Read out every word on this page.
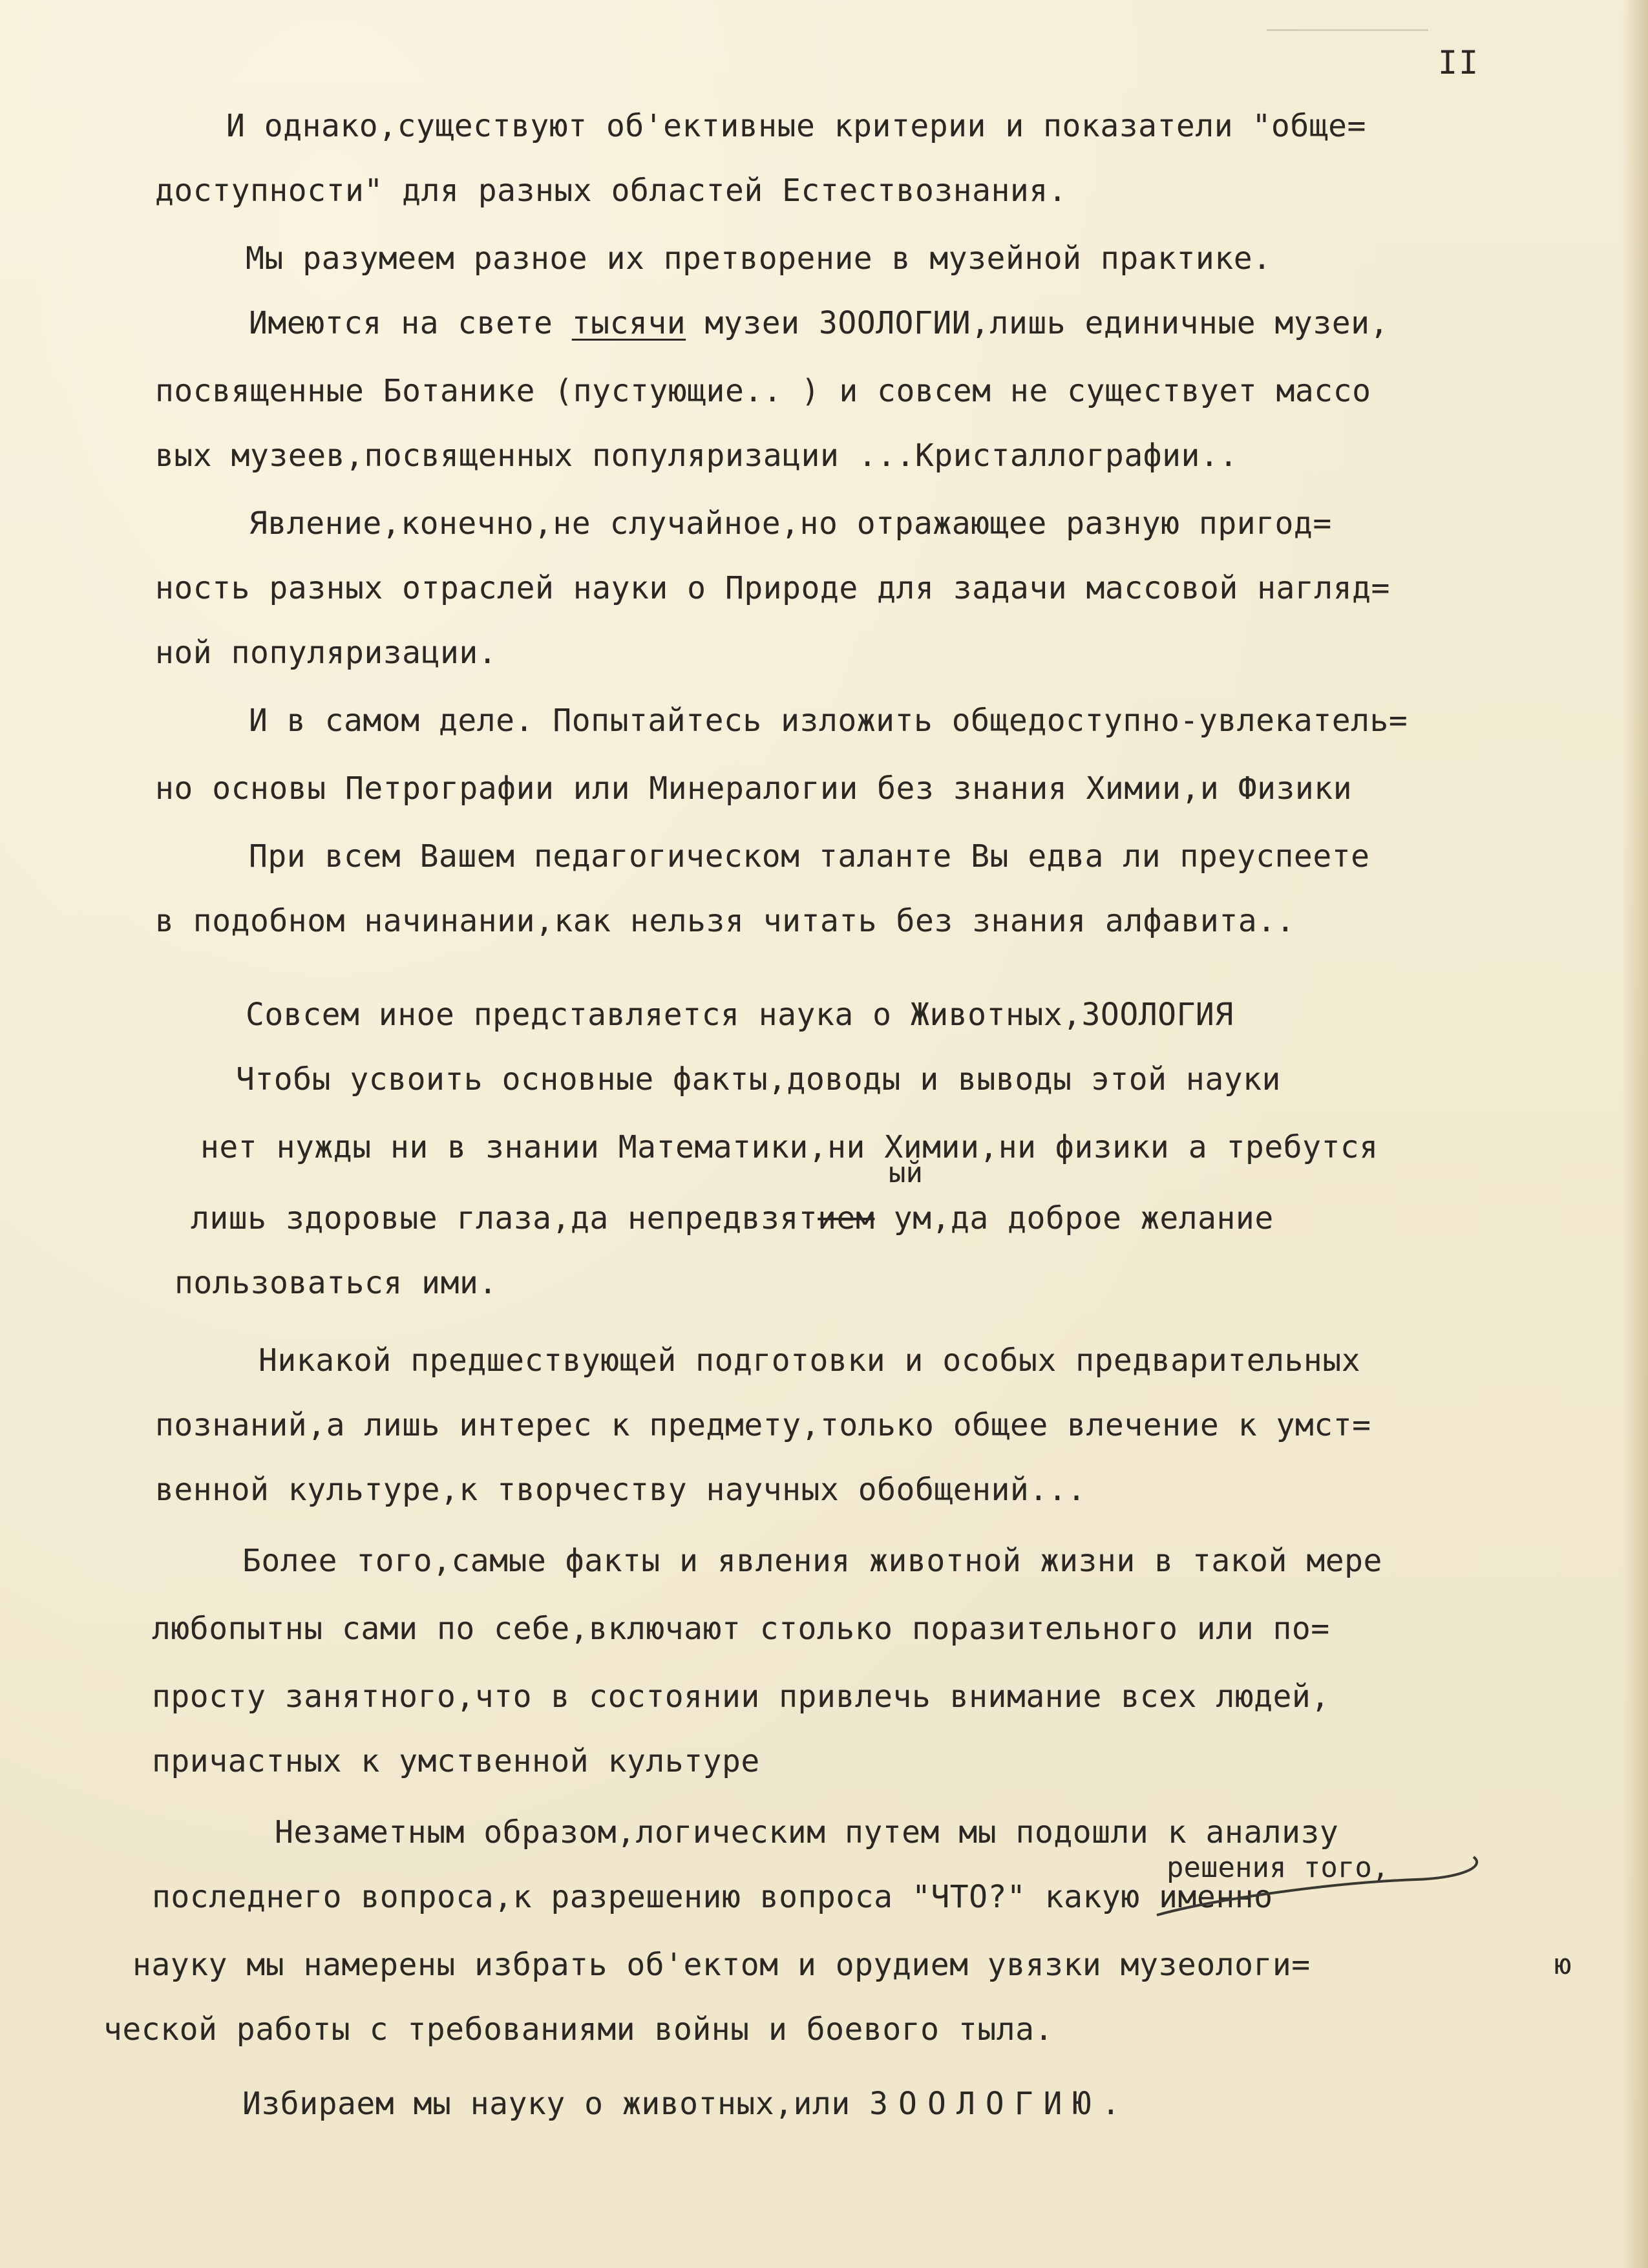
II
И однако,существуют об'ективные критерии и показатели "обще=
доступности" для разных областей Естествознания.
Мы разумеем разное их претворение в музейной практике.
Имеются на свете тысячи музеи ЗООЛОГИИ,лишь единичные музеи,
посвященные Ботанике (пустующие.. ) и совсем не существует массо
вых музеев,посвященных популяризации ...Кристаллографии..
Явление,конечно,не случайное,но отражающее разную пригод=
ность разных отраслей науки о Природе для задачи массовой нагляд=
ной популяризации.
И в самом деле. Попытайтесь изложить общедоступно-увлекатель=
но основы Петрографии или Минералогии без знания Химии,и Физики
При всем Вашем педагогическом таланте Вы едва ли преуспеете
в подобном начинании,как нельзя читать без знания алфавита..
Совсем иное представляется наука о Животных,ЗООЛОГИЯ
Чтобы усвоить основные факты,доводы и выводы этой науки
нет нужды ни в знании Математики,ни Химии,ни физики а требутся
ый
лишь здоровые глаза,да непредвзятием ум,да доброе желание
пользоваться ими.
Никакой предшествующей подготовки и особых предварительных
познаний,а лишь интерес к предмету,только общее влечение к умст=
венной культуре,к творчеству научных обобщений...
Более того,самые факты и явления животной жизни в такой мере
любопытны сами по себе,включают столько поразительного или по=
просту занятного,что в состоянии привлечь внимание всех людей,
причастных к умственной культуре
Незаметным образом,логическим путем мы подошли к анализу
решения того,
последнего вопроса,к разрешению вопроса "ЧТО?" какую именно
науку мы намерены избрать об'ектом и орудием увязки музеологи=	ю
ческой работы с требованиями войны и боевого тыла.
Избираем мы науку о животных,или ЗООЛОГИЮ.
